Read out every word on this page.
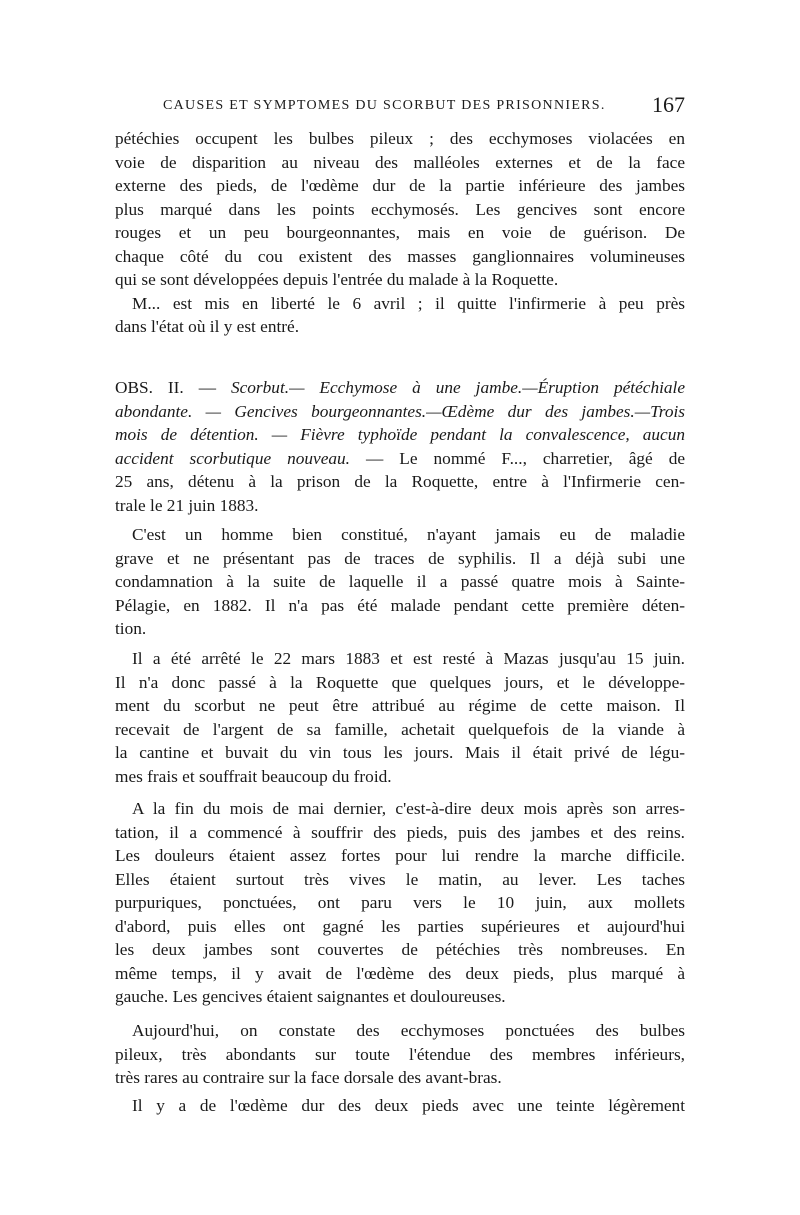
CAUSES ET SYMPTOMES DU SCORBUT DES PRISONNIERS. 167
pétéchies occupent les bulbes pileux ; des ecchymoses violacées en
voie de disparition au niveau des malléoles externes et de la face
externe des pieds, de l'œdème dur de la partie inférieure des jambes
plus marqué dans les points ecchymosés. Les gencives sont encore
rouges et un peu bourgeonnantes, mais en voie de guérison. De
chaque côté du cou existent des masses ganglionnaires volumineuses
qui se sont développées depuis l'entrée du malade à la Roquette.
M... est mis en liberté le 6 avril ; il quitte l'infirmerie à peu près
dans l'état où il y est entré.
OBS. II. — Scorbut.— Ecchymose à une jambe.—Éruption pétéchiale
abondante. — Gencives bourgeonnantes.—Œdème dur des jambes.—Trois
mois de détention. — Fièvre typhoïde pendant la convalescence, aucun
accident scorbutique nouveau. — Le nommé F..., charretier, âgé de
25 ans, détenu à la prison de la Roquette, entre à l'Infirmerie cen-
trale le 21 juin 1883.
C'est un homme bien constitué, n'ayant jamais eu de maladie
grave et ne présentant pas de traces de syphilis. Il a déjà subi une
condamnation à la suite de laquelle il a passé quatre mois à Sainte-
Pélagie, en 1882. Il n'a pas été malade pendant cette première déten-
tion.
Il a été arrêté le 22 mars 1883 et est resté à Mazas jusqu'au 15 juin.
Il n'a donc passé à la Roquette que quelques jours, et le développe-
ment du scorbut ne peut être attribué au régime de cette maison. Il
recevait de l'argent de sa famille, achetait quelquefois de la viande à
la cantine et buvait du vin tous les jours. Mais il était privé de légu-
mes frais et souffrait beaucoup du froid.
A la fin du mois de mai dernier, c'est-à-dire deux mois après son arres-
tation, il a commencé à souffrir des pieds, puis des jambes et des reins.
Les douleurs étaient assez fortes pour lui rendre la marche difficile.
Elles étaient surtout très vives le matin, au lever. Les taches
purpuriques, ponctuées, ont paru vers le 10 juin, aux mollets
d'abord, puis elles ont gagné les parties supérieures et aujourd'hui
les deux jambes sont couvertes de pétéchies très nombreuses. En
même temps, il y avait de l'œdème des deux pieds, plus marqué à
gauche. Les gencives étaient saignantes et douloureuses.
Aujourd'hui, on constate des ecchymoses ponctuées des bulbes
pileux, très abondants sur toute l'étendue des membres inférieurs,
très rares au contraire sur la face dorsale des avant-bras.
Il y a de l'œdème dur des deux pieds avec une teinte légèrement
